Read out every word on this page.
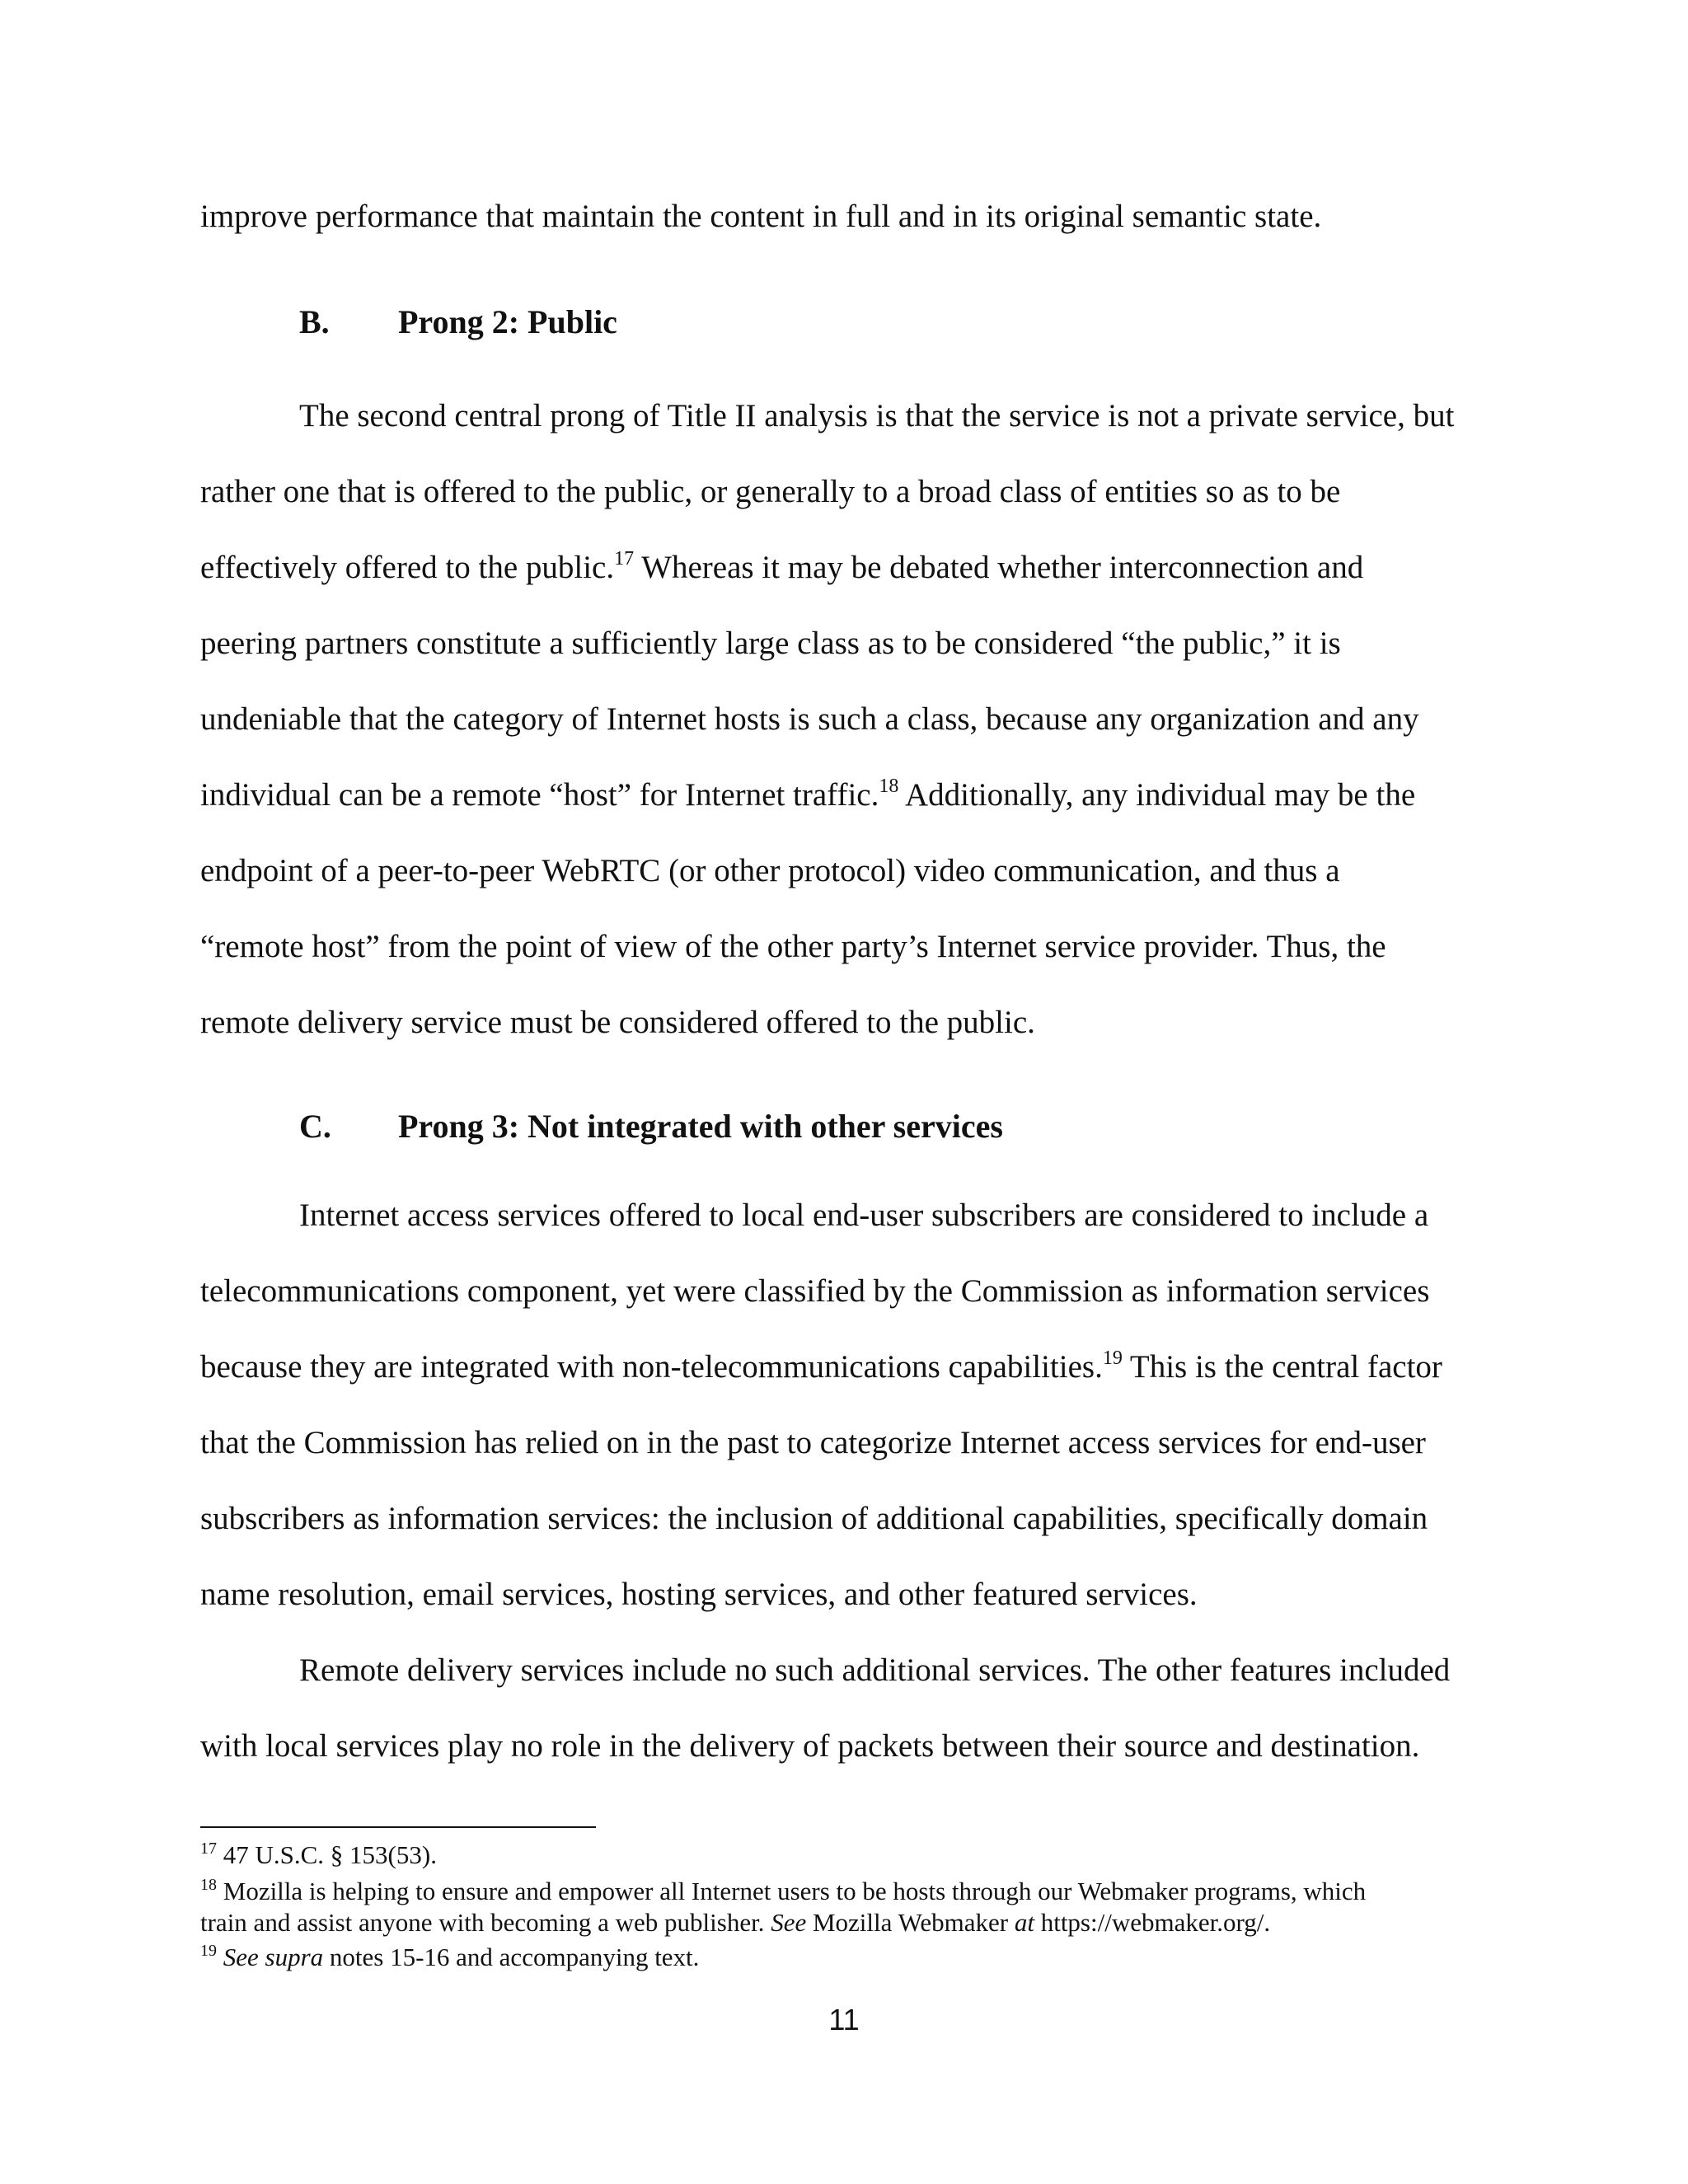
improve performance that maintain the content in full and in its original semantic state.

B. Prong 2: Public

The second central prong of Title II analysis is that the service is not a private service, but

rather one that is offered to the public, or generally to a broad class of entities so as to be

effectively offered to the public.$^{17}$ Whereas it may be debated whether interconnection and

peering partners constitute a sufficiently large class as to be considered “the public,” it is

undeniable that the category of Internet hosts is such a class, because any organization and any

individual can be a remote “host” for Internet traffic.$^{18}$ Additionally, any individual may be the

endpoint of a peer-to-peer WebRTC (or other protocol) video communication, and thus a

“remote host” from the point of view of the other party’s Internet service provider. Thus, the

remote delivery service must be considered offered to the public.

C. Prong 3: Not integrated with other services

Internet access services offered to local end-user subscribers are considered to include a

telecommunications component, yet were classified by the Commission as information services

because they are integrated with non-telecommunications capabilities.$^{19}$ This is the central factor

that the Commission has relied on in the past to categorize Internet access services for end-user

subscribers as information services: the inclusion of additional capabilities, specifically domain

name resolution, email services, hosting services, and other featured services.

Remote delivery services include no such additional services. The other features included

with local services play no role in the delivery of packets between their source and destination.

$^{17}$ 47 U.S.C. § 153(53).

$^{18}$ Mozilla is helping to ensure and empower all Internet users to be hosts through our Webmaker programs, which

train and assist anyone with becoming a web publisher. See Mozilla Webmaker at https://webmaker.org/.

$^{19}$ See supra notes 15-16 and accompanying text.

11
